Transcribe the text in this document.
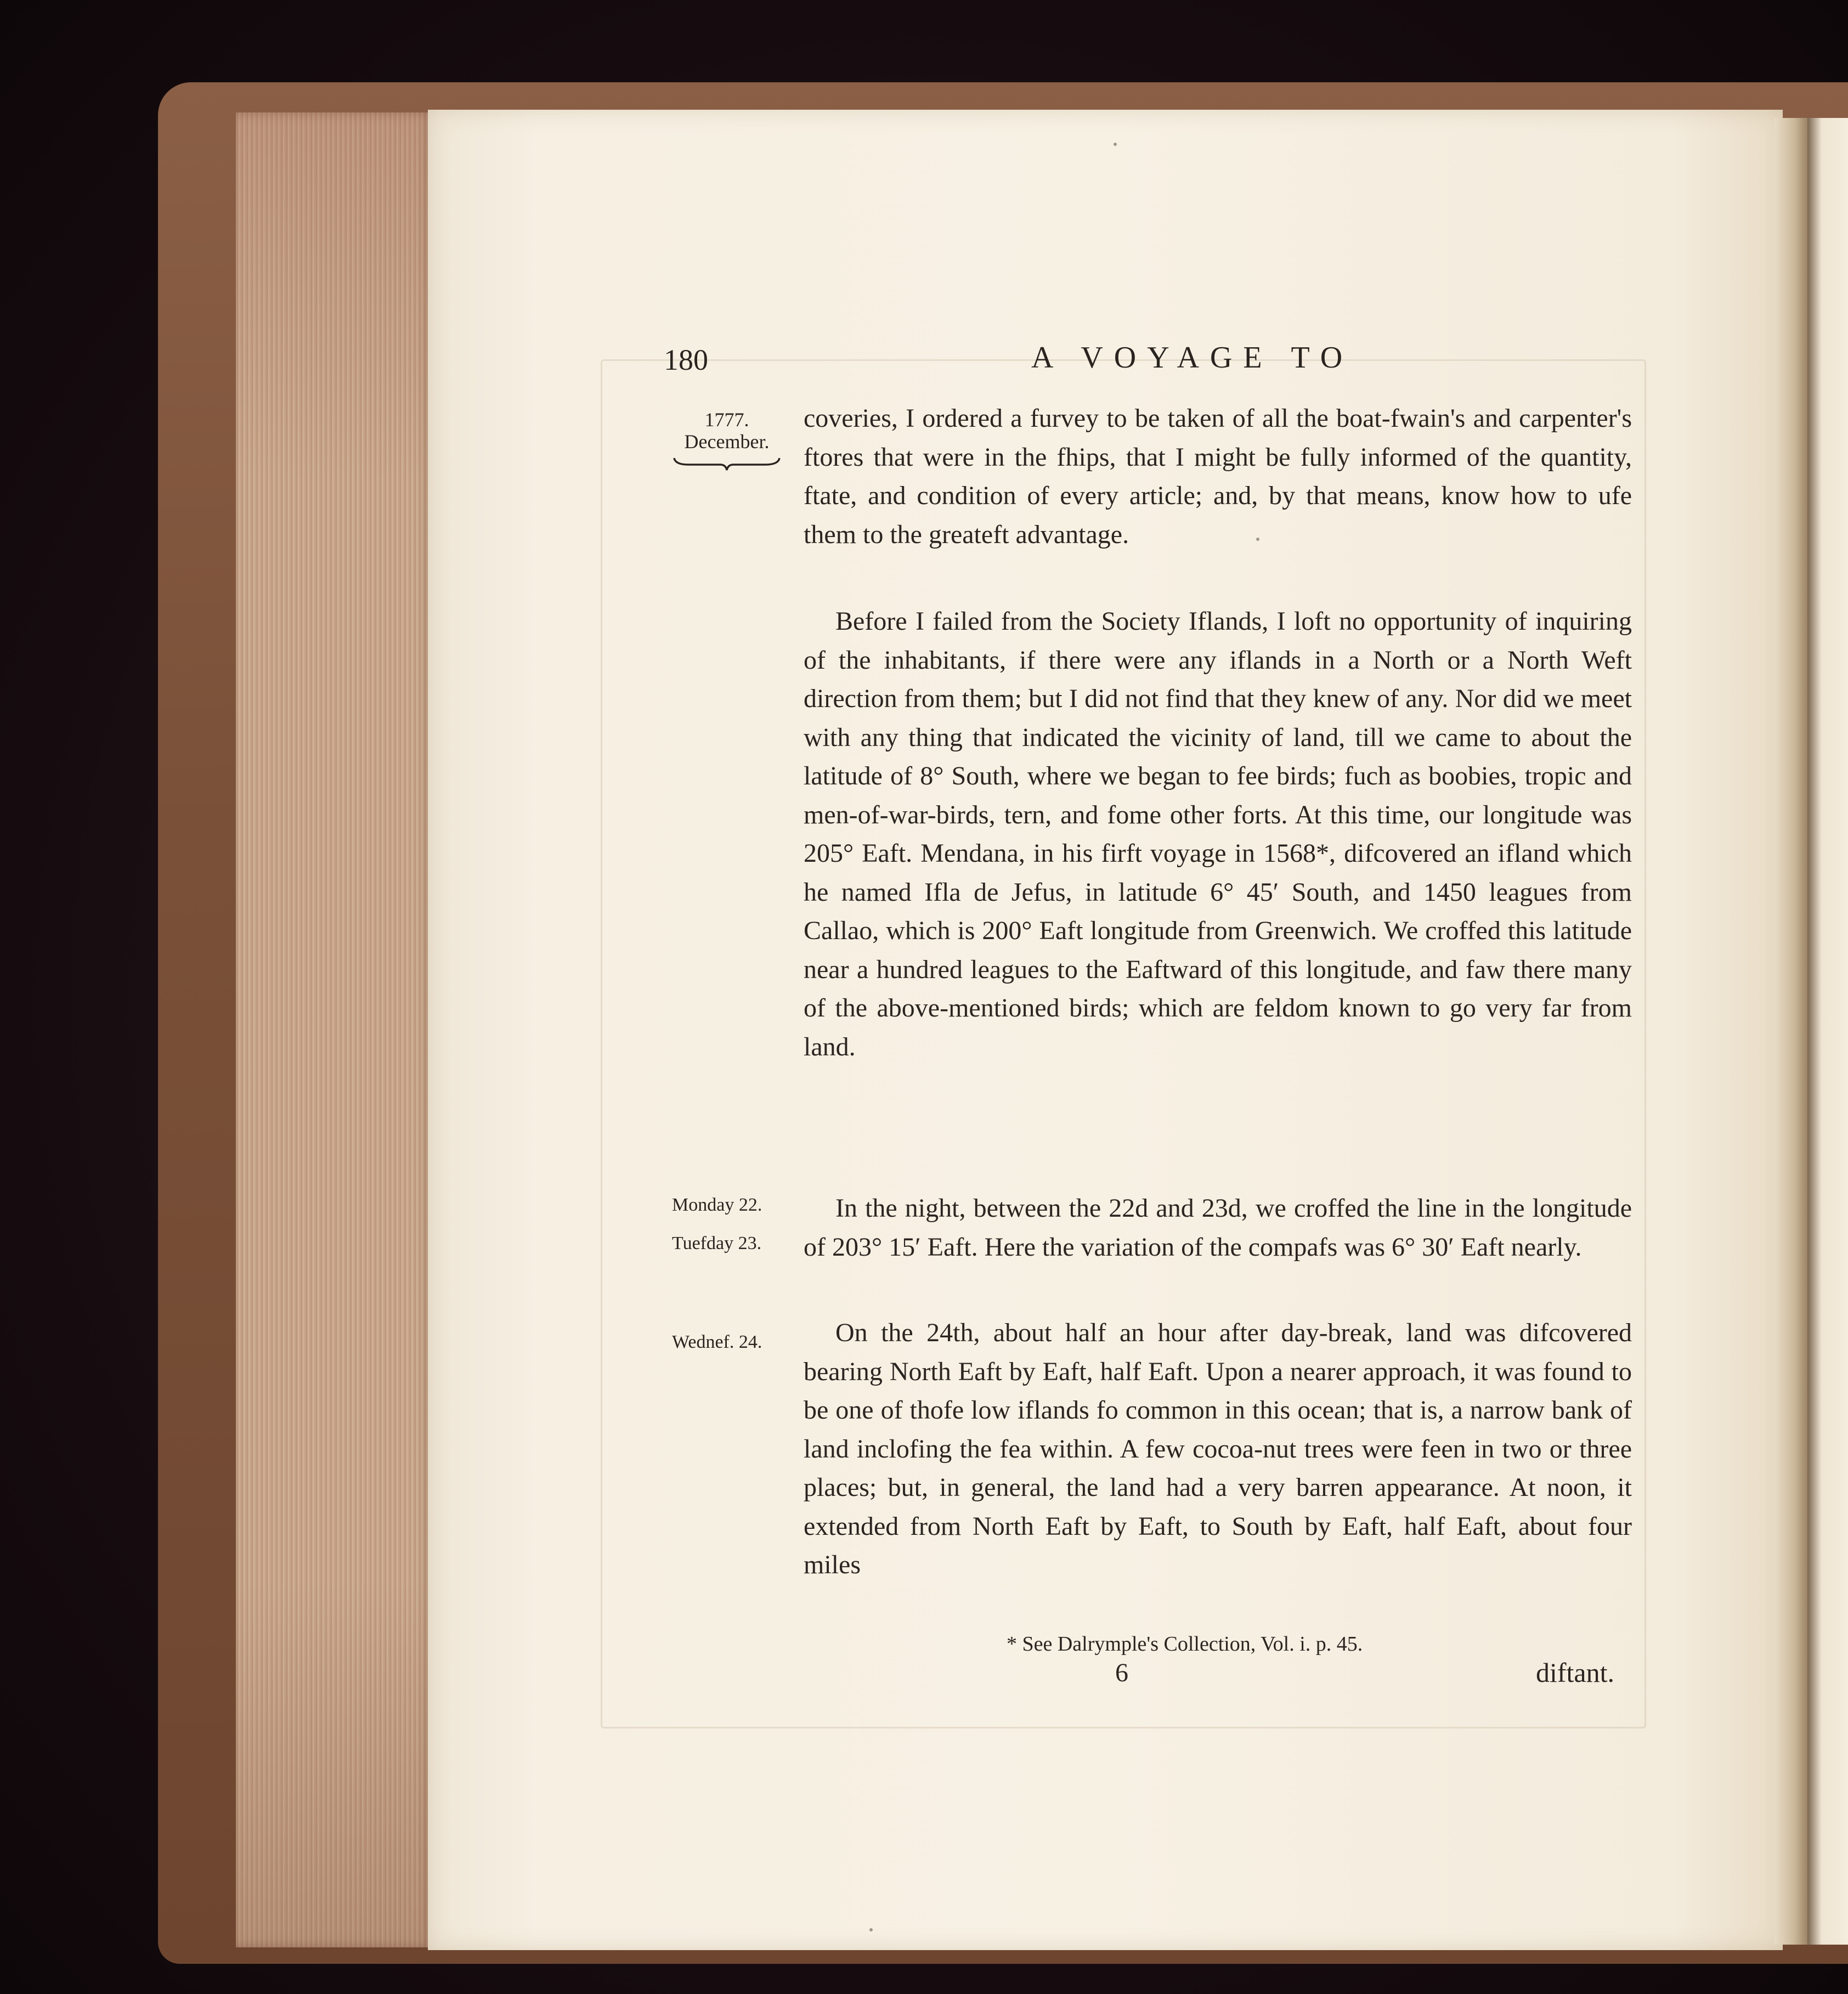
180	A VOYAGE TO
1777.
December.
Monday 22.
Tuefday 23.
Wednef. 24.

coveries, I ordered a furvey to be taken of all the boat-fwain's and carpenter's ftores that were in the fhips, that I might be fully informed of the quantity, ftate, and condition of every article; and, by that means, know how to ufe them to the greateft advantage.

Before I failed from the Society Iflands, I loft no opportunity of inquiring of the inhabitants, if there were any iflands in a North or a North Weft direction from them; but I did not find that they knew of any. Nor did we meet with any thing that indicated the vicinity of land, till we came to about the latitude of 8° South, where we began to fee birds; fuch as boobies, tropic and men-of-war-birds, tern, and fome other forts. At this time, our longitude was 205° Eaft. Mendana, in his firft voyage in 1568*, difcovered an ifland which he named Ifla de Jefus, in latitude 6° 45′ South, and 1450 leagues from Callao, which is 200° Eaft longitude from Greenwich. We croffed this latitude near a hundred leagues to the Eaftward of this longitude, and faw there many of the above-mentioned birds; which are feldom known to go very far from land.

In the night, between the 22d and 23d, we croffed the line in the longitude of 203° 15′ Eaft. Here the variation of the compafs was 6° 30′ Eaft nearly.

On the 24th, about half an hour after day-break, land was difcovered bearing North Eaft by Eaft, half Eaft. Upon a nearer approach, it was found to be one of thofe low iflands fo common in this ocean; that is, a narrow bank of land inclofing the fea within. A few cocoa-nut trees were feen in two or three places; but, in general, the land had a very barren appearance. At noon, it extended from North Eaft by Eaft, to South by Eaft, half Eaft, about four miles

* See Dalrymple's Collection, Vol. i. p. 45.
6	diftant.
